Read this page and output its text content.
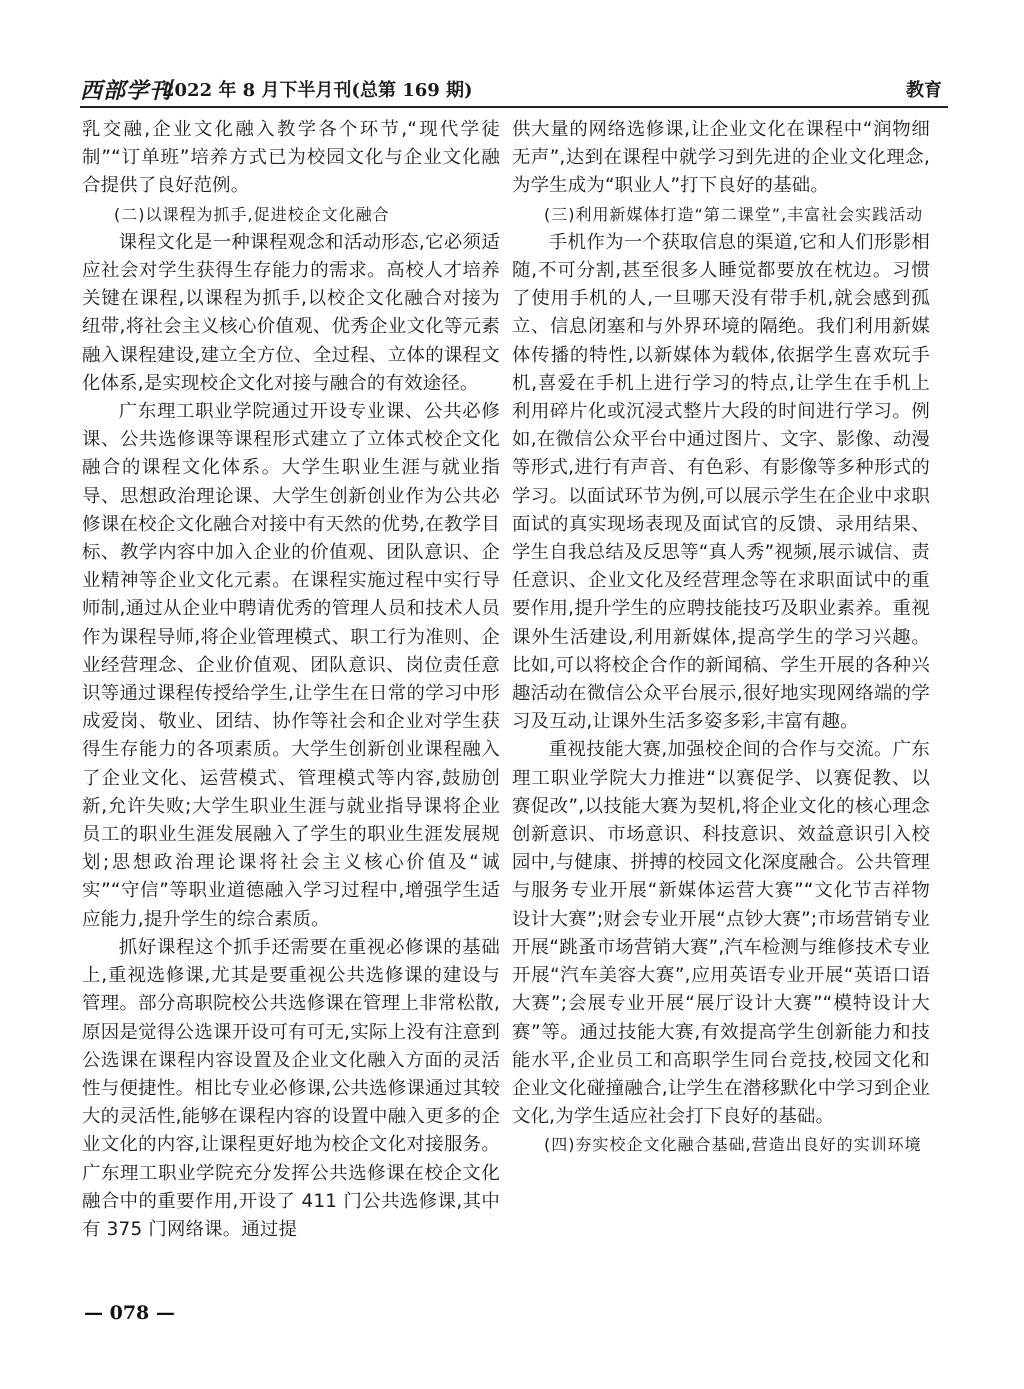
西部学刊
2022 年 8 月下半月刊(总第 169 期)	教育

乳交融,企业文化融入教学各个环节,“现代学徒制”“订单班”培养方式已为校园文化与企业文化融合提供了良好范例。

(二)以课程为抓手,促进校企文化融合

课程文化是一种课程观念和活动形态,它必须适应社会对学生获得生存能力的需求。高校人才培养关键在课程,以课程为抓手,以校企文化融合对接为纽带,将社会主义核心价值观、优秀企业文化等元素融入课程建设,建立全方位、全过程、立体的课程文化体系,是实现校企文化对接与融合的有效途径。

广东理工职业学院通过开设专业课、公共必修课、公共选修课等课程形式建立了立体式校企文化融合的课程文化体系。大学生职业生涯与就业指导、思想政治理论课、大学生创新创业作为公共必修课在校企文化融合对接中有天然的优势,在教学目标、教学内容中加入企业的价值观、团队意识、企业精神等企业文化元素。在课程实施过程中实行导师制,通过从企业中聘请优秀的管理人员和技术人员作为课程导师,将企业管理模式、职工行为准则、企业经营理念、企业价值观、团队意识、岗位责任意识等通过课程传授给学生,让学生在日常的学习中形成爱岗、敬业、团结、协作等社会和企业对学生获得生存能力的各项素质。大学生创新创业课程融入了企业文化、运营模式、管理模式等内容,鼓励创新,允许失败;大学生职业生涯与就业指导课将企业员工的职业生涯发展融入了学生的职业生涯发展规划;思想政治理论课将社会主义核心价值及“诚实”“守信”等职业道德融入学习过程中,增强学生适应能力,提升学生的综合素质。

抓好课程这个抓手还需要在重视必修课的基础上,重视选修课,尤其是要重视公共选修课的建设与管理。部分高职院校公共选修课在管理上非常松散,原因是觉得公选课开设可有可无,实际上没有注意到公选课在课程内容设置及企业文化融入方面的灵活性与便捷性。相比专业必修课,公共选修课通过其较大的灵活性,能够在课程内容的设置中融入更多的企业文化的内容,让课程更好地为校企文化对接服务。广东理工职业学院充分发挥公共选修课在校企文化融合中的重要作用,开设了 411 门公共选修课,其中有 375 门网络课。通过提

供大量的网络选修课,让企业文化在课程中“润物细无声”,达到在课程中就学习到先进的企业文化理念,为学生成为“职业人”打下良好的基础。

(三)利用新媒体打造“第二课堂”,丰富社会实践活动

手机作为一个获取信息的渠道,它和人们形影相随,不可分割,甚至很多人睡觉都要放在枕边。习惯了使用手机的人,一旦哪天没有带手机,就会感到孤立、信息闭塞和与外界环境的隔绝。我们利用新媒体传播的特性,以新媒体为载体,依据学生喜欢玩手机,喜爱在手机上进行学习的特点,让学生在手机上利用碎片化或沉浸式整片大段的时间进行学习。例如,在微信公众平台中通过图片、文字、影像、动漫等形式,进行有声音、有色彩、有影像等多种形式的学习。以面试环节为例,可以展示学生在企业中求职面试的真实现场表现及面试官的反馈、录用结果、学生自我总结及反思等“真人秀”视频,展示诚信、责任意识、企业文化及经营理念等在求职面试中的重要作用,提升学生的应聘技能技巧及职业素养。重视课外生活建设,利用新媒体,提高学生的学习兴趣。比如,可以将校企合作的新闻稿、学生开展的各种兴趣活动在微信公众平台展示,很好地实现网络端的学习及互动,让课外生活多姿多彩,丰富有趣。

重视技能大赛,加强校企间的合作与交流。广东理工职业学院大力推进“以赛促学、以赛促教、以赛促改”,以技能大赛为契机,将企业文化的核心理念创新意识、市场意识、科技意识、效益意识引入校园中,与健康、拼搏的校园文化深度融合。公共管理与服务专业开展“新媒体运营大赛”“文化节吉祥物设计大赛”;财会专业开展“点钞大赛”;市场营销专业开展“跳蚤市场营销大赛”,汽车检测与维修技术专业开展“汽车美容大赛”,应用英语专业开展“英语口语大赛”;会展专业开展“展厅设计大赛”“模特设计大赛”等。通过技能大赛,有效提高学生创新能力和技能水平,企业员工和高职学生同台竞技,校园文化和企业文化碰撞融合,让学生在潜移默化中学习到企业文化,为学生适应社会打下良好的基础。

(四)夯实校企文化融合基础,营造出良好的实训环境

— 078 —
